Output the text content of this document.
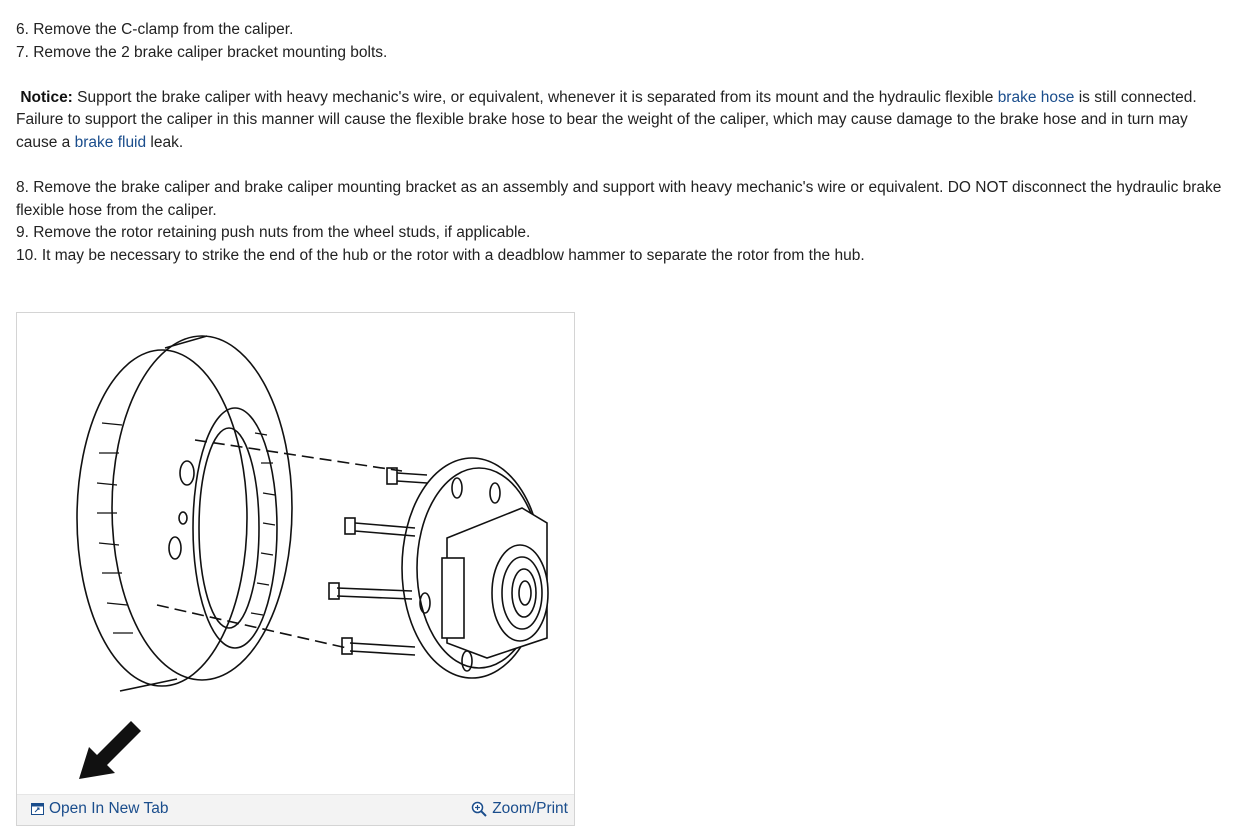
6. Remove the C-clamp from the caliper.
7. Remove the 2 brake caliper bracket mounting bolts.
Notice: Support the brake caliper with heavy mechanic's wire, or equivalent, whenever it is separated from its mount and the hydraulic flexible brake hose is still connected. Failure to support the caliper in this manner will cause the flexible brake hose to bear the weight of the caliper, which may cause damage to the brake hose and in turn may cause a brake fluid leak.
8. Remove the brake caliper and brake caliper mounting bracket as an assembly and support with heavy mechanic's wire or equivalent. DO NOT disconnect the hydraulic brake flexible hose from the caliper.
9. Remove the rotor retaining push nuts from the wheel studs, if applicable.
10. It may be necessary to strike the end of the hub or the rotor with a deadblow hammer to separate the rotor from the hub.
Open In New Tab	Zoom/Print
